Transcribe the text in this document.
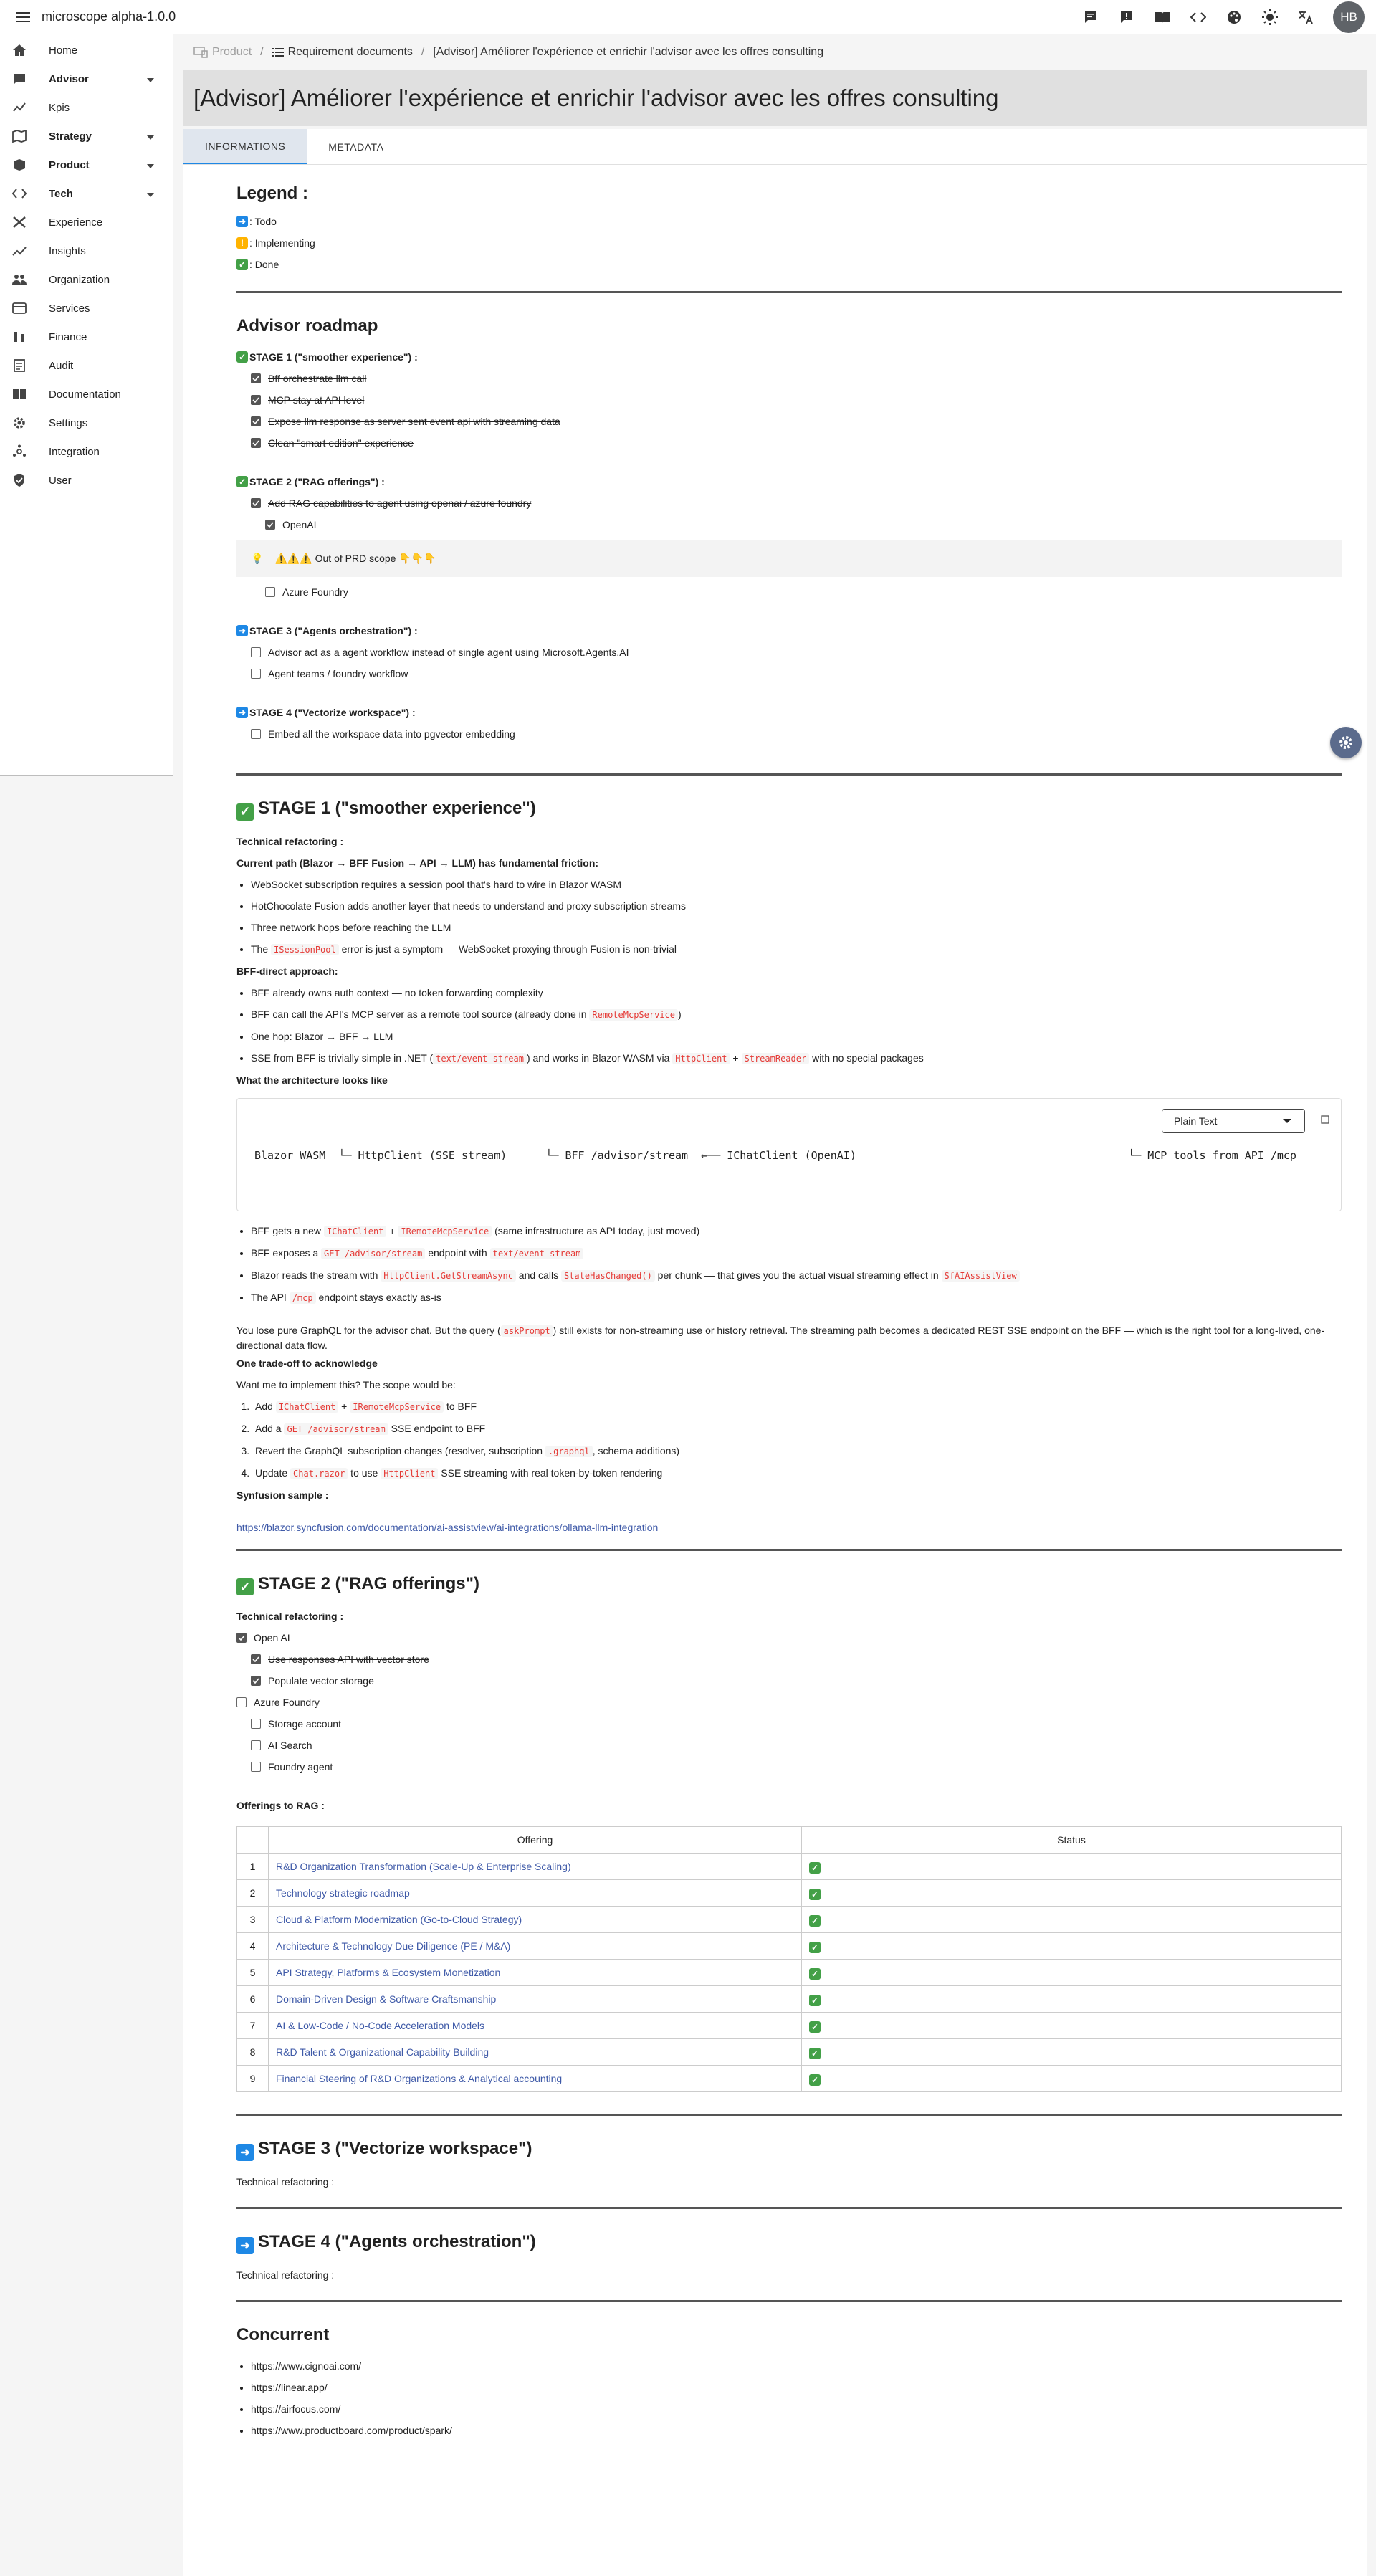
microscope alpha-1.0.0	HB
Home
Advisor
Kpis
Strategy
Product
Tech
Experience
Insights
Organization
Services
Finance
Audit
Documentation
Settings
Integration
User
Product / Requirement documents / [Advisor] Améliorer l'expérience et enrichir l'advisor avec les offres consulting
[Advisor] Améliorer l'expérience et enrichir l'advisor avec les offres consulting
INFORMATIONS	METADATA
Legend :
➜ : Todo
! : Implementing
✓ : Done
Advisor roadmap
✓ STAGE 1 ("smoother experience") :
Bff orchestrate llm call
MCP stay at API level
Expose llm response as server sent event api with streaming data
Clean "smart edition" experience
✓ STAGE 2 ("RAG offerings") :
Add RAG capabilities to agent using openai / azure foundry
OpenAI
💡 ⚠️⚠️⚠️ Out of PRD scope 👇👇👇
Azure Foundry
➜ STAGE 3 ("Agents orchestration") :
Advisor act as a agent workflow instead of single agent using Microsoft.Agents.AI
Agent teams / foundry workflow
➜ STAGE 4 ("Vectorize workspace") :
Embed all the workspace data into pgvector embedding
✓ STAGE 1 ("smoother experience")
Technical refactoring :
Current path (Blazor → BFF Fusion → API → LLM) has fundamental friction:
• WebSocket subscription requires a session pool that's hard to wire in Blazor WASM
• HotChocolate Fusion adds another layer that needs to understand and proxy subscription streams
• Three network hops before reaching the LLM
• The ISessionPool error is just a symptom — WebSocket proxying through Fusion is non-trivial
BFF-direct approach:
• BFF already owns auth context — no token forwarding complexity
• BFF can call the API's MCP server as a remote tool source (already done in RemoteMcpService )
• One hop: Blazor → BFF → LLM
• SSE from BFF is trivially simple in .NET ( text/event-stream ) and works in Blazor WASM via HttpClient + StreamReader with no special packages
What the architecture looks like
Plain Text
Blazor WASM  └─ HttpClient (SSE stream)      └─ BFF /advisor/stream  ←── IChatClient (OpenAI)                                          └─ MCP tools from API /mcp
• BFF gets a new IChatClient + IRemoteMcpService (same infrastructure as API today, just moved)
• BFF exposes a GET /advisor/stream endpoint with text/event-stream
• Blazor reads the stream with HttpClient.GetStreamAsync and calls StateHasChanged() per chunk — that gives you the actual visual streaming effect in SfAIAssistView
• The API /mcp endpoint stays exactly as-is
You lose pure GraphQL for the advisor chat. But the query ( askPrompt ) still exists for non-streaming use or history retrieval. The streaming path becomes a dedicated REST SSE endpoint on the BFF — which is the right tool for a long-lived, one-directional data flow.
One trade-off to acknowledge
Want me to implement this? The scope would be:
1. Add IChatClient + IRemoteMcpService to BFF
2. Add a GET /advisor/stream SSE endpoint to BFF
3. Revert the GraphQL subscription changes (resolver, subscription .graphql , schema additions)
4. Update Chat.razor to use HttpClient SSE streaming with real token-by-token rendering
Synfusion sample :
https://blazor.syncfusion.com/documentation/ai-assistview/ai-integrations/ollama-llm-integration
✓ STAGE 2 ("RAG offerings")
Technical refactoring :
Open AI
Use responses API with vector store
Populate vector storage
Azure Foundry
Storage account
AI Search
Foundry agent
Offerings to RAG :
	Offering	Status
1	R&D Organization Transformation (Scale-Up & Enterprise Scaling)	✓
2	Technology strategic roadmap	✓
3	Cloud & Platform Modernization (Go-to-Cloud Strategy)	✓
4	Architecture & Technology Due Diligence (PE / M&A)	✓
5	API Strategy, Platforms & Ecosystem Monetization	✓
6	Domain-Driven Design & Software Craftsmanship	✓
7	AI & Low-Code / No-Code Acceleration Models	✓
8	R&D Talent & Organizational Capability Building	✓
9	Financial Steering of R&D Organizations & Analytical accounting	✓
➜ STAGE 3 ("Vectorize workspace")
Technical refactoring :
➜ STAGE 4 ("Agents orchestration")
Technical refactoring :
Concurrent
• https://www.cignoai.com/
• https://linear.app/
• https://airfocus.com/
• https://www.productboard.com/product/spark/
